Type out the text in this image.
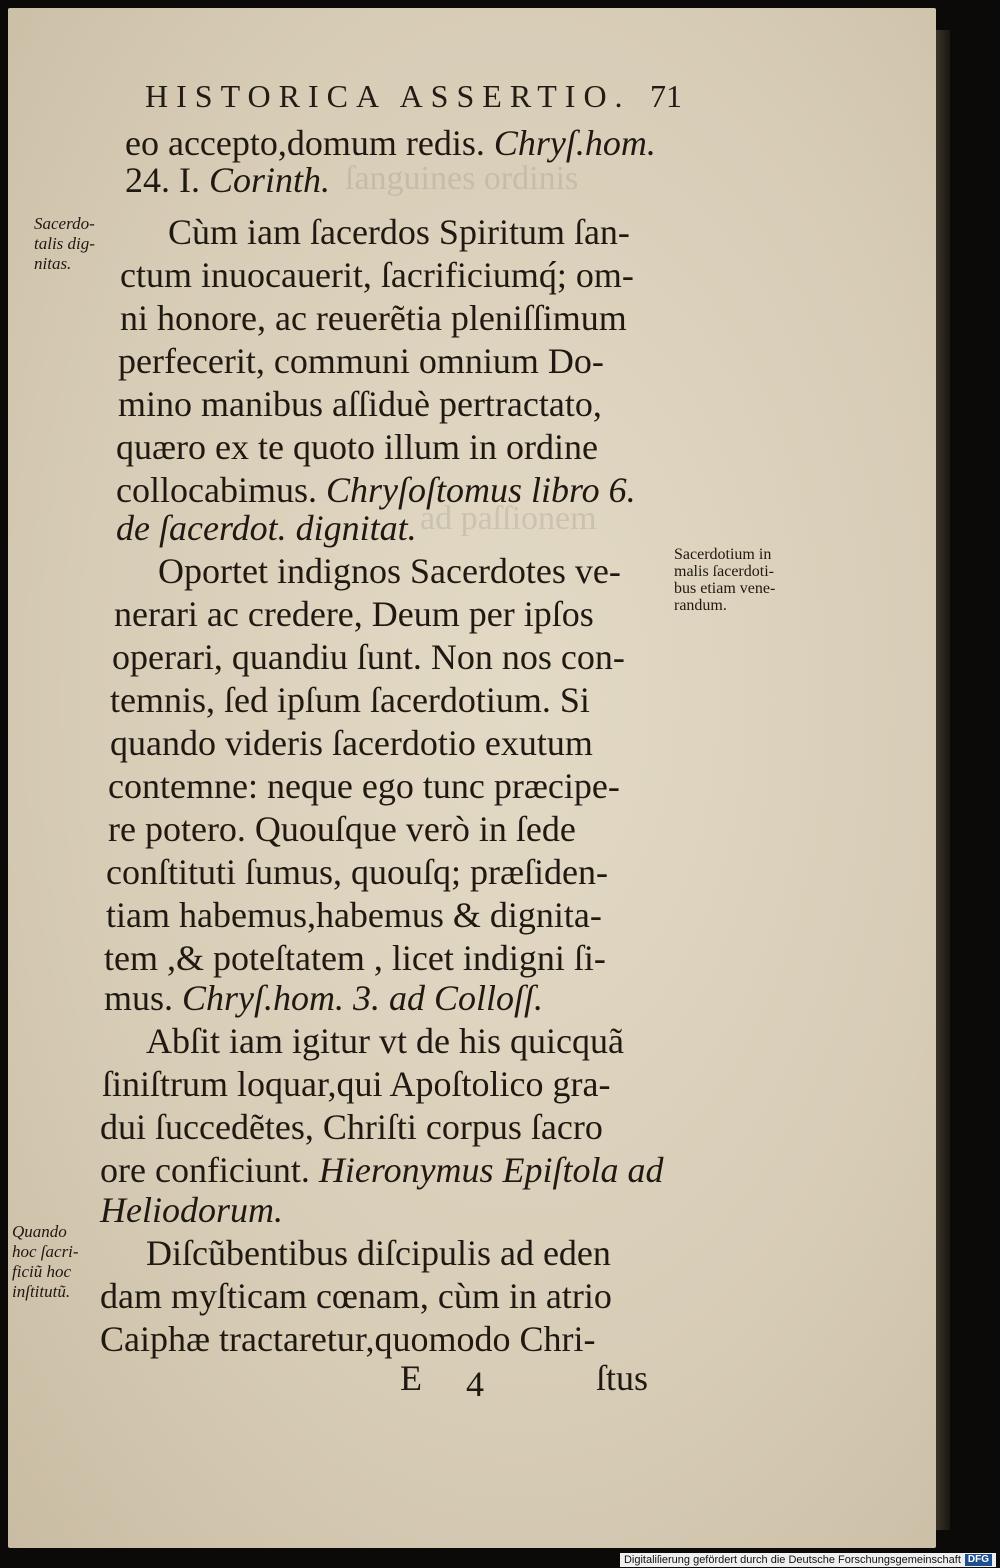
ſanguines ordinis
ad paſſionem
HISTORICA ASSERTIO. 71
eo accepto,domum redis. Chryſ.hom.
24. I. Corinth.
Cùm iam ſacerdos Spiritum ſan-
ctum inuocauerit, ſacrificiumq́; om-
ni honore, ac reuerẽtia pleniſſimum
perfecerit, communi omnium Do-
mino manibus aſſiduè pertractato,
quæro ex te quoto illum in ordine
collocabimus. Chryſoſtomus libro 6.
de ſacerdot. dignitat.
Oportet indignos Sacerdotes ve-
nerari ac credere, Deum per ipſos
operari, quandiu ſunt. Non nos con-
temnis, ſed ipſum ſacerdotium. Si
quando videris ſacerdotio exutum
contemne: neque ego tunc præcipe-
re potero. Quouſque verò in ſede
conſtituti ſumus, quouſq; præſiden-
tiam habemus,habemus & dignita-
tem ,& poteſtatem , licet indigni ſi-
mus. Chryſ.hom. 3. ad Colloſſ.
Abſit iam igitur vt de his quicquã
ſiniſtrum loquar,qui Apoſtolico gra-
dui ſuccedẽtes, Chriſti corpus ſacro
ore conficiunt. Hieronymus Epiſtola ad
Heliodorum.
Diſcũbentibus diſcipulis ad eden
dam myſticam cœnam, cùm in atrio
Caiphæ tractaretur,quomodo Chri-
Sacerdo-
talis dig-
nitas.
Sacerdotium in
malis ſacerdoti-
bus etiam vene-
randum.
Quando
hoc ſacri-
ficiũ hoc
inſtitutũ.
E 4	ſtus
Digitaliſierung gefördert durch die Deutsche Forschungsgemeinschaft DFG
